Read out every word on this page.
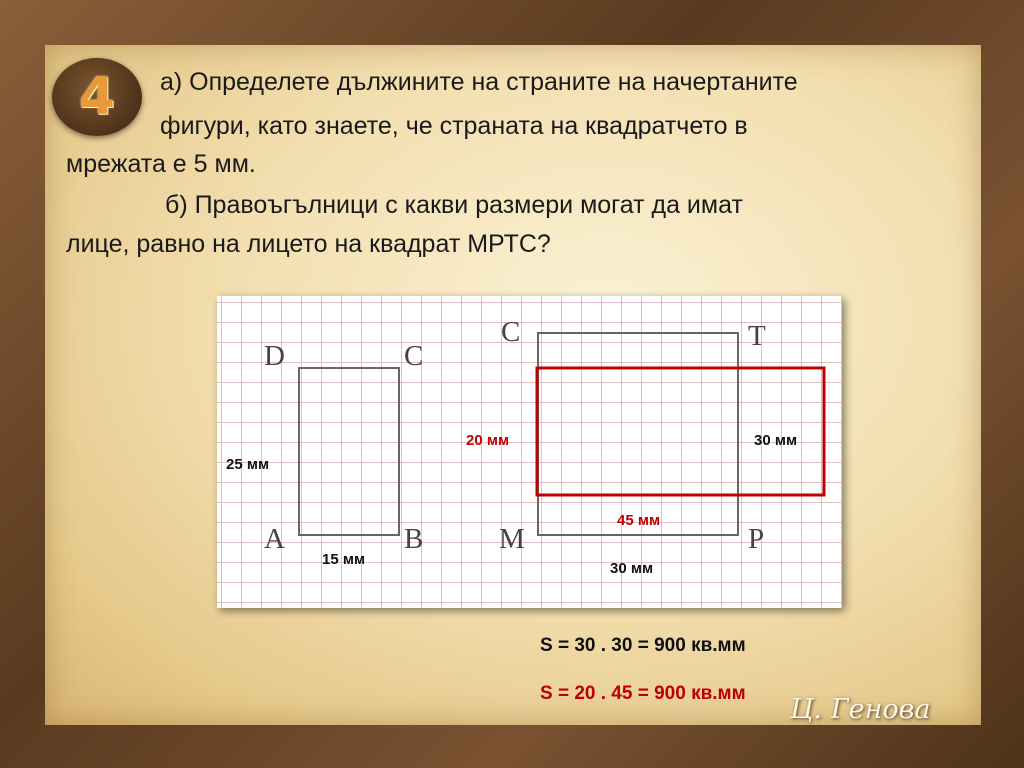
4 а) Определете дължините на страните на начертаните
фигури, като знаете, че страната на квадратчето в
мрежата е 5 мм.
б) Правоъгълници с какви размери могат да имат
лице, равно на лицето на квадрат МРТС?
D	C
A	B
C	T
M	P
25 мм
15 мм
20 мм	30 мм
45 мм
30 мм
S = 30 . 30 = 900 кв.мм
S = 20 . 45 = 900 кв.мм
Ц. Генова
